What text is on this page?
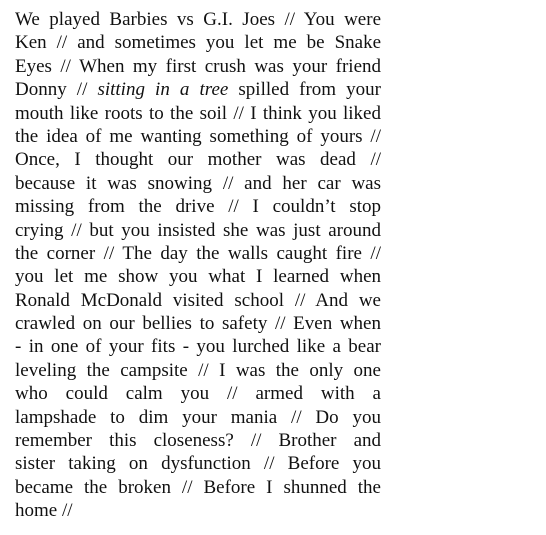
We played Barbies vs G.I. Joes // You were
Ken // and sometimes you let me be Snake
Eyes // When my first crush was your friend
Donny // sitting in a tree spilled from your
mouth like roots to the soil // I think you liked
the idea of me wanting something of yours //
Once, I thought our mother was dead //
because it was snowing // and her car was
missing from the drive // I couldn’t stop
crying // but you insisted she was just around
the corner // The day the walls caught fire //
you let me show you what I learned when
Ronald McDonald visited school // And we
crawled on our bellies to safety // Even when
- in one of your fits - you lurched like a bear
leveling the campsite // I was the only one
who could calm you // armed with a
lampshade to dim your mania // Do you
remember this closeness? // Brother and
sister taking on dysfunction // Before you
became the broken // Before I shunned the
home //
